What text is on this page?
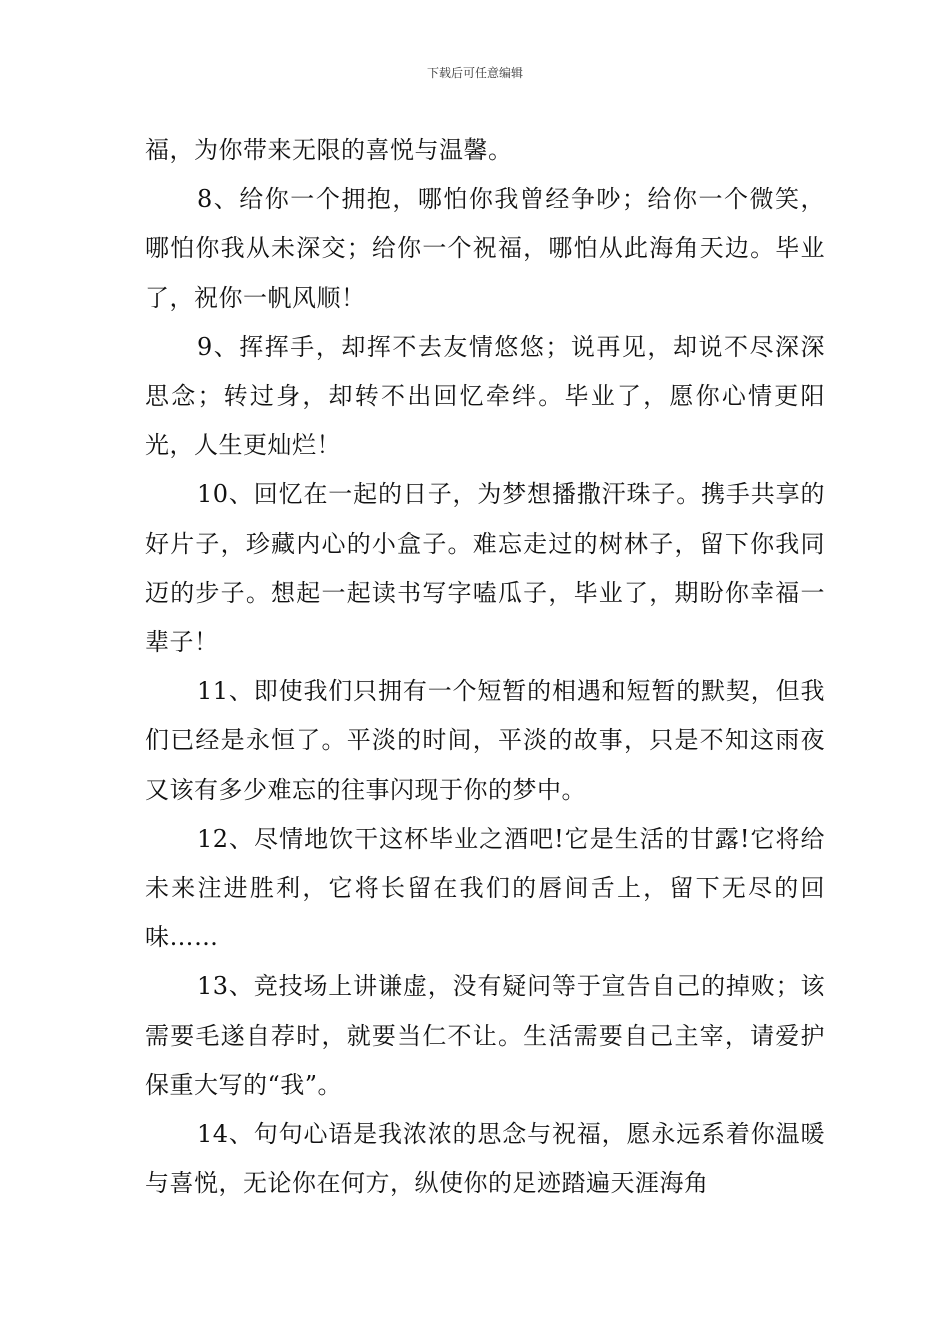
下载后可任意编辑

福，为你带来无限的喜悦与温馨。

8、给你一个拥抱，哪怕你我曾经争吵；给你一个微笑，哪怕你我从未深交；给你一个祝福，哪怕从此海角天边。毕业了，祝你一帆风顺！

9、挥挥手，却挥不去友情悠悠；说再见，却说不尽深深思念；转过身，却转不出回忆牵绊。毕业了，愿你心情更阳光，人生更灿烂！

10、回忆在一起的日子，为梦想播撒汗珠子。携手共享的好片子，珍藏内心的小盒子。难忘走过的树林子，留下你我同迈的步子。想起一起读书写字嗑瓜子，毕业了，期盼你幸福一辈子！

11、即使我们只拥有一个短暂的相遇和短暂的默契，但我们已经是永恒了。平淡的时间，平淡的故事，只是不知这雨夜又该有多少难忘的往事闪现于你的梦中。

12、尽情地饮干这杯毕业之酒吧!它是生活的甘露!它将给未来注进胜利，它将长留在我们的唇间舌上，留下无尽的回味……

13、竞技场上讲谦虚，没有疑问等于宣告自己的掉败；该需要毛遂自荐时，就要当仁不让。生活需要自己主宰，请爱护保重大写的“我”。

14、句句心语是我浓浓的思念与祝福，愿永远系着你温暖与喜悦，无论你在何方，纵使你的足迹踏遍天涯海角
